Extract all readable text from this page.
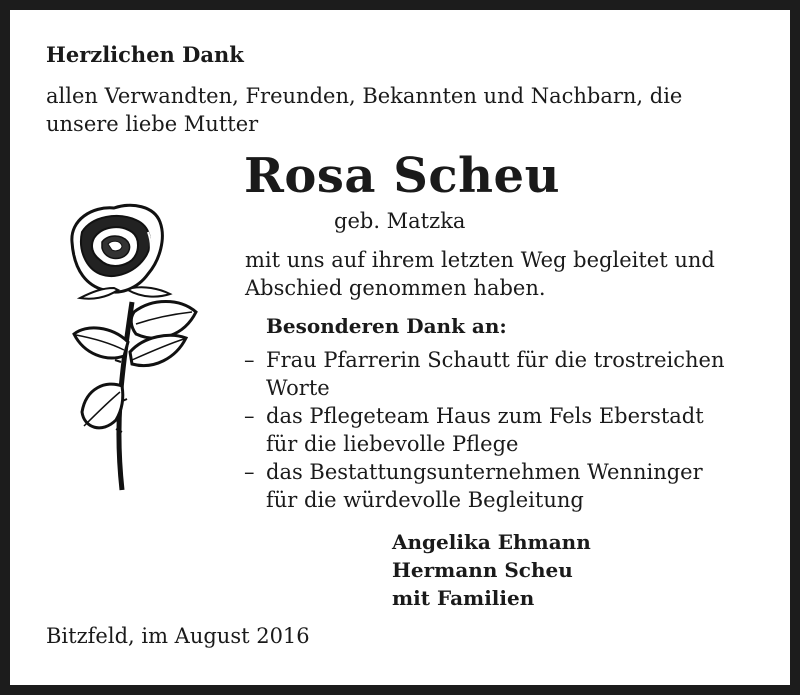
Herzlichen Dank
allen Verwandten, Freunden, Bekannten und Nachbarn, die
unsere liebe Mutter
Rosa Scheu
geb. Matzka
mit uns auf ihrem letzten Weg begleitet und
Abschied genommen haben.
Besonderen Dank an:
– Frau Pfarrerin Schautt für die trostreichen
Worte
– das Pflegeteam Haus zum Fels Eberstadt
für die liebevolle Pflege
– das Bestattungsunternehmen Wenninger
für die würdevolle Begleitung
Angelika Ehmann
Hermann Scheu
mit Familien
Bitzfeld, im August 2016
